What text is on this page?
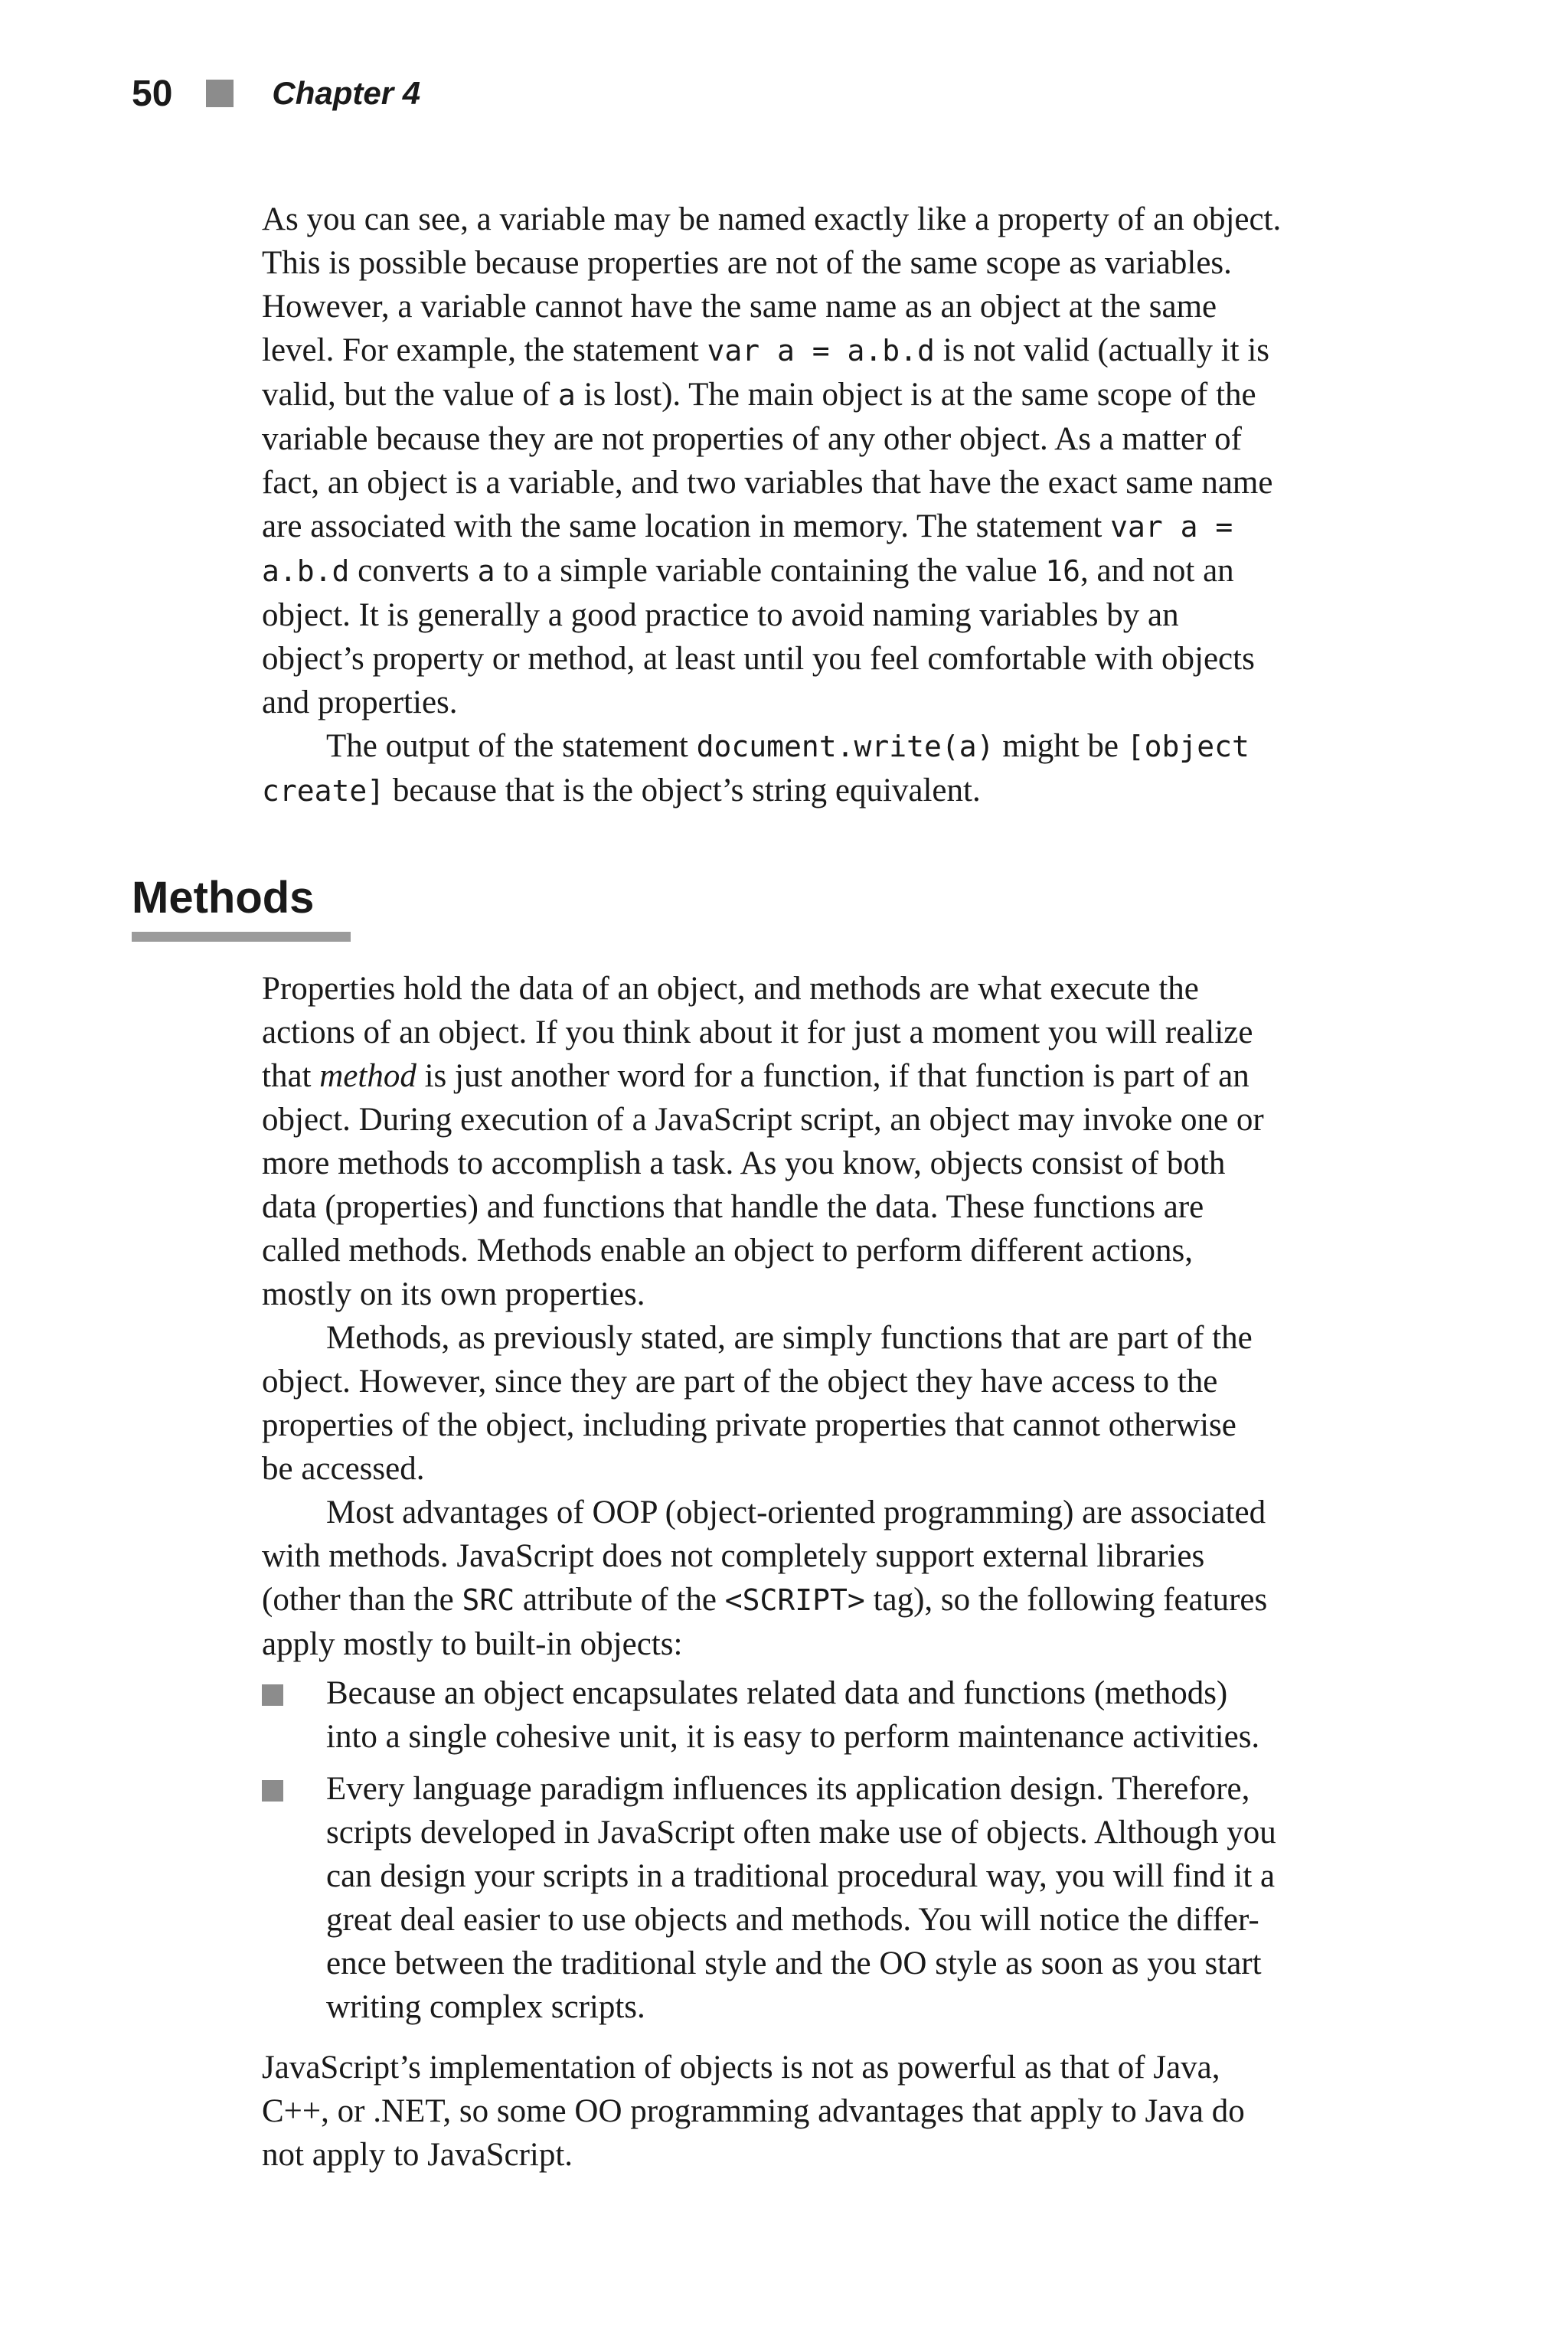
50	Chapter 4

As you can see, a variable may be named exactly like a property of an object.

This is possible because properties are not of the same scope as variables.

However, a variable cannot have the same name as an object at the same

level. For example, the statement var a = a.b.d is not valid (actually it is

valid, but the value of a is lost). The main object is at the same scope of the

variable because they are not properties of any other object. As a matter of

fact, an object is a variable, and two variables that have the exact same name

are associated with the same location in memory. The statement var a =

a.b.d converts a to a simple variable containing the value 16, and not an

object. It is generally a good practice to avoid naming variables by an

object’s property or method, at least until you feel comfortable with objects

and properties.

The output of the statement document.write(a) might be [object

create] because that is the object’s string equivalent.

Methods

Properties hold the data of an object, and methods are what execute the

actions of an object. If you think about it for just a moment you will realize

that method is just another word for a function, if that function is part of an

object. During execution of a JavaScript script, an object may invoke one or

more methods to accomplish a task. As you know, objects consist of both

data (properties) and functions that handle the data. These functions are

called methods. Methods enable an object to perform different actions,

mostly on its own properties.

Methods, as previously stated, are simply functions that are part of the

object. However, since they are part of the object they have access to the

properties of the object, including private properties that cannot otherwise

be accessed.

Most advantages of OOP (object-oriented programming) are associated

with methods. JavaScript does not completely support external libraries

(other than the SRC attribute of the <SCRIPT> tag), so the following features

apply mostly to built-in objects:

Because an object encapsulates related data and functions (methods)

into a single cohesive unit, it is easy to perform maintenance activities.

Every language paradigm influences its application design. Therefore,

scripts developed in JavaScript often make use of objects. Although you

can design your scripts in a traditional procedural way, you will find it a

great deal easier to use objects and methods. You will notice the differ-

ence between the traditional style and the OO style as soon as you start

writing complex scripts.

JavaScript’s implementation of objects is not as powerful as that of Java,

C++, or .NET, so some OO programming advantages that apply to Java do

not apply to JavaScript.
